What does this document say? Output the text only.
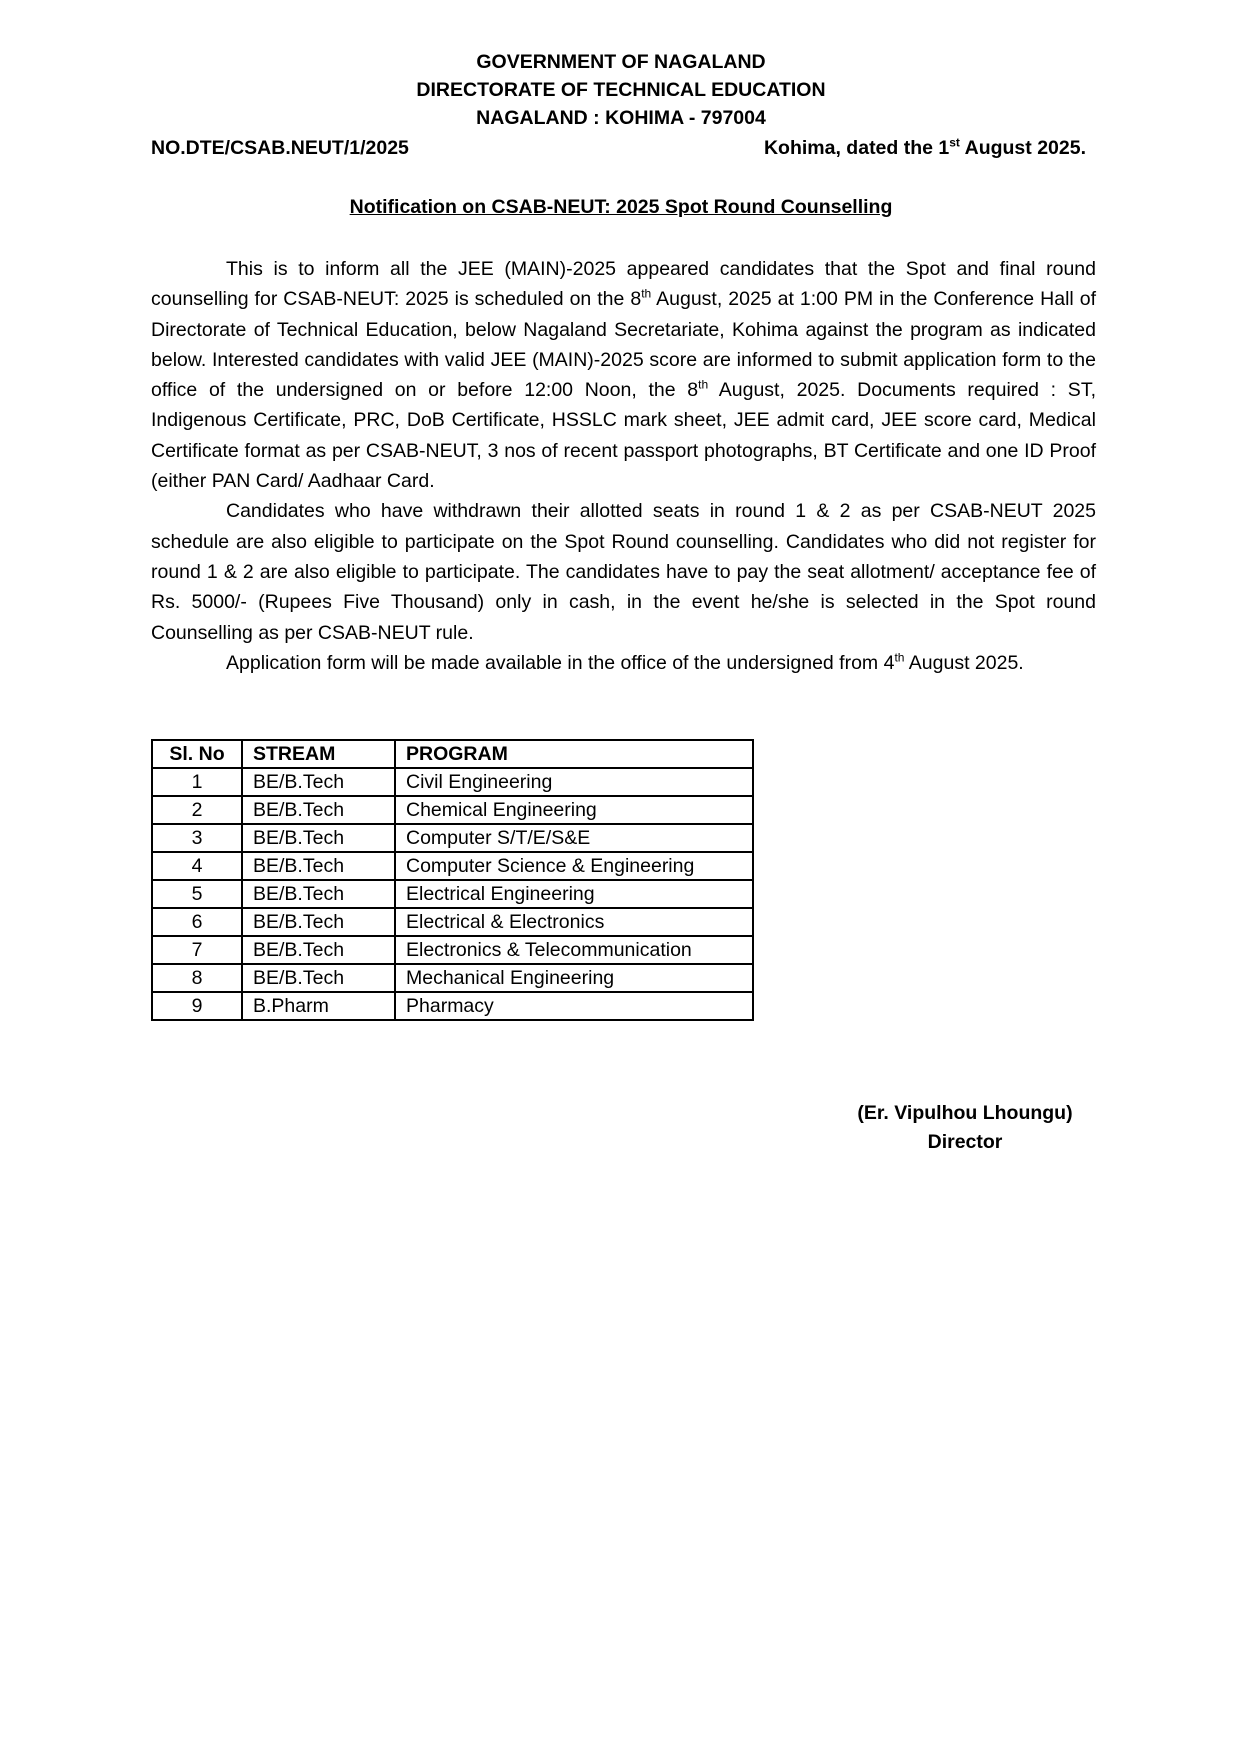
GOVERNMENT OF NAGALAND
DIRECTORATE OF TECHNICAL EDUCATION
NAGALAND : KOHIMA - 797004
NO.DTE/CSAB.NEUT/1/2025	Kohima, dated the 1st August 2025.
Notification on CSAB-NEUT: 2025 Spot Round Counselling

This is to inform all the JEE (MAIN)-2025 appeared candidates that the Spot and final round counselling for CSAB-NEUT: 2025 is scheduled on the 8th August, 2025 at 1:00 PM in the Conference Hall of Directorate of Technical Education, below Nagaland Secretariate, Kohima against the program as indicated below. Interested candidates with valid JEE (MAIN)-2025 score are informed to submit application form to the office of the undersigned on or before 12:00 Noon, the 8th August, 2025. Documents required : ST, Indigenous Certificate, PRC, DoB Certificate, HSSLC mark sheet, JEE admit card, JEE score card, Medical Certificate format as per CSAB-NEUT, 3 nos of recent passport photographs, BT Certificate and one ID Proof (either PAN Card/ Aadhaar Card.

Candidates who have withdrawn their allotted seats in round 1 & 2 as per CSAB-NEUT 2025 schedule are also eligible to participate on the Spot Round counselling. Candidates who did not register for round 1 & 2 are also eligible to participate. The candidates have to pay the seat allotment/ acceptance fee of Rs. 5000/- (Rupees Five Thousand) only in cash, in the event he/she is selected in the Spot round Counselling as per CSAB-NEUT rule.

Application form will be made available in the office of the undersigned from 4th August 2025.

Sl. No	STREAM	PROGRAM
1	BE/B.Tech	Civil Engineering
2	BE/B.Tech	Chemical Engineering
3	BE/B.Tech	Computer S/T/E/S&E
4	BE/B.Tech	Computer Science & Engineering
5	BE/B.Tech	Electrical Engineering
6	BE/B.Tech	Electrical & Electronics
7	BE/B.Tech	Electronics & Telecommunication
8	BE/B.Tech	Mechanical Engineering
9	B.Pharm	Pharmacy
(Er. Vipulhou Lhoungu)
Director
